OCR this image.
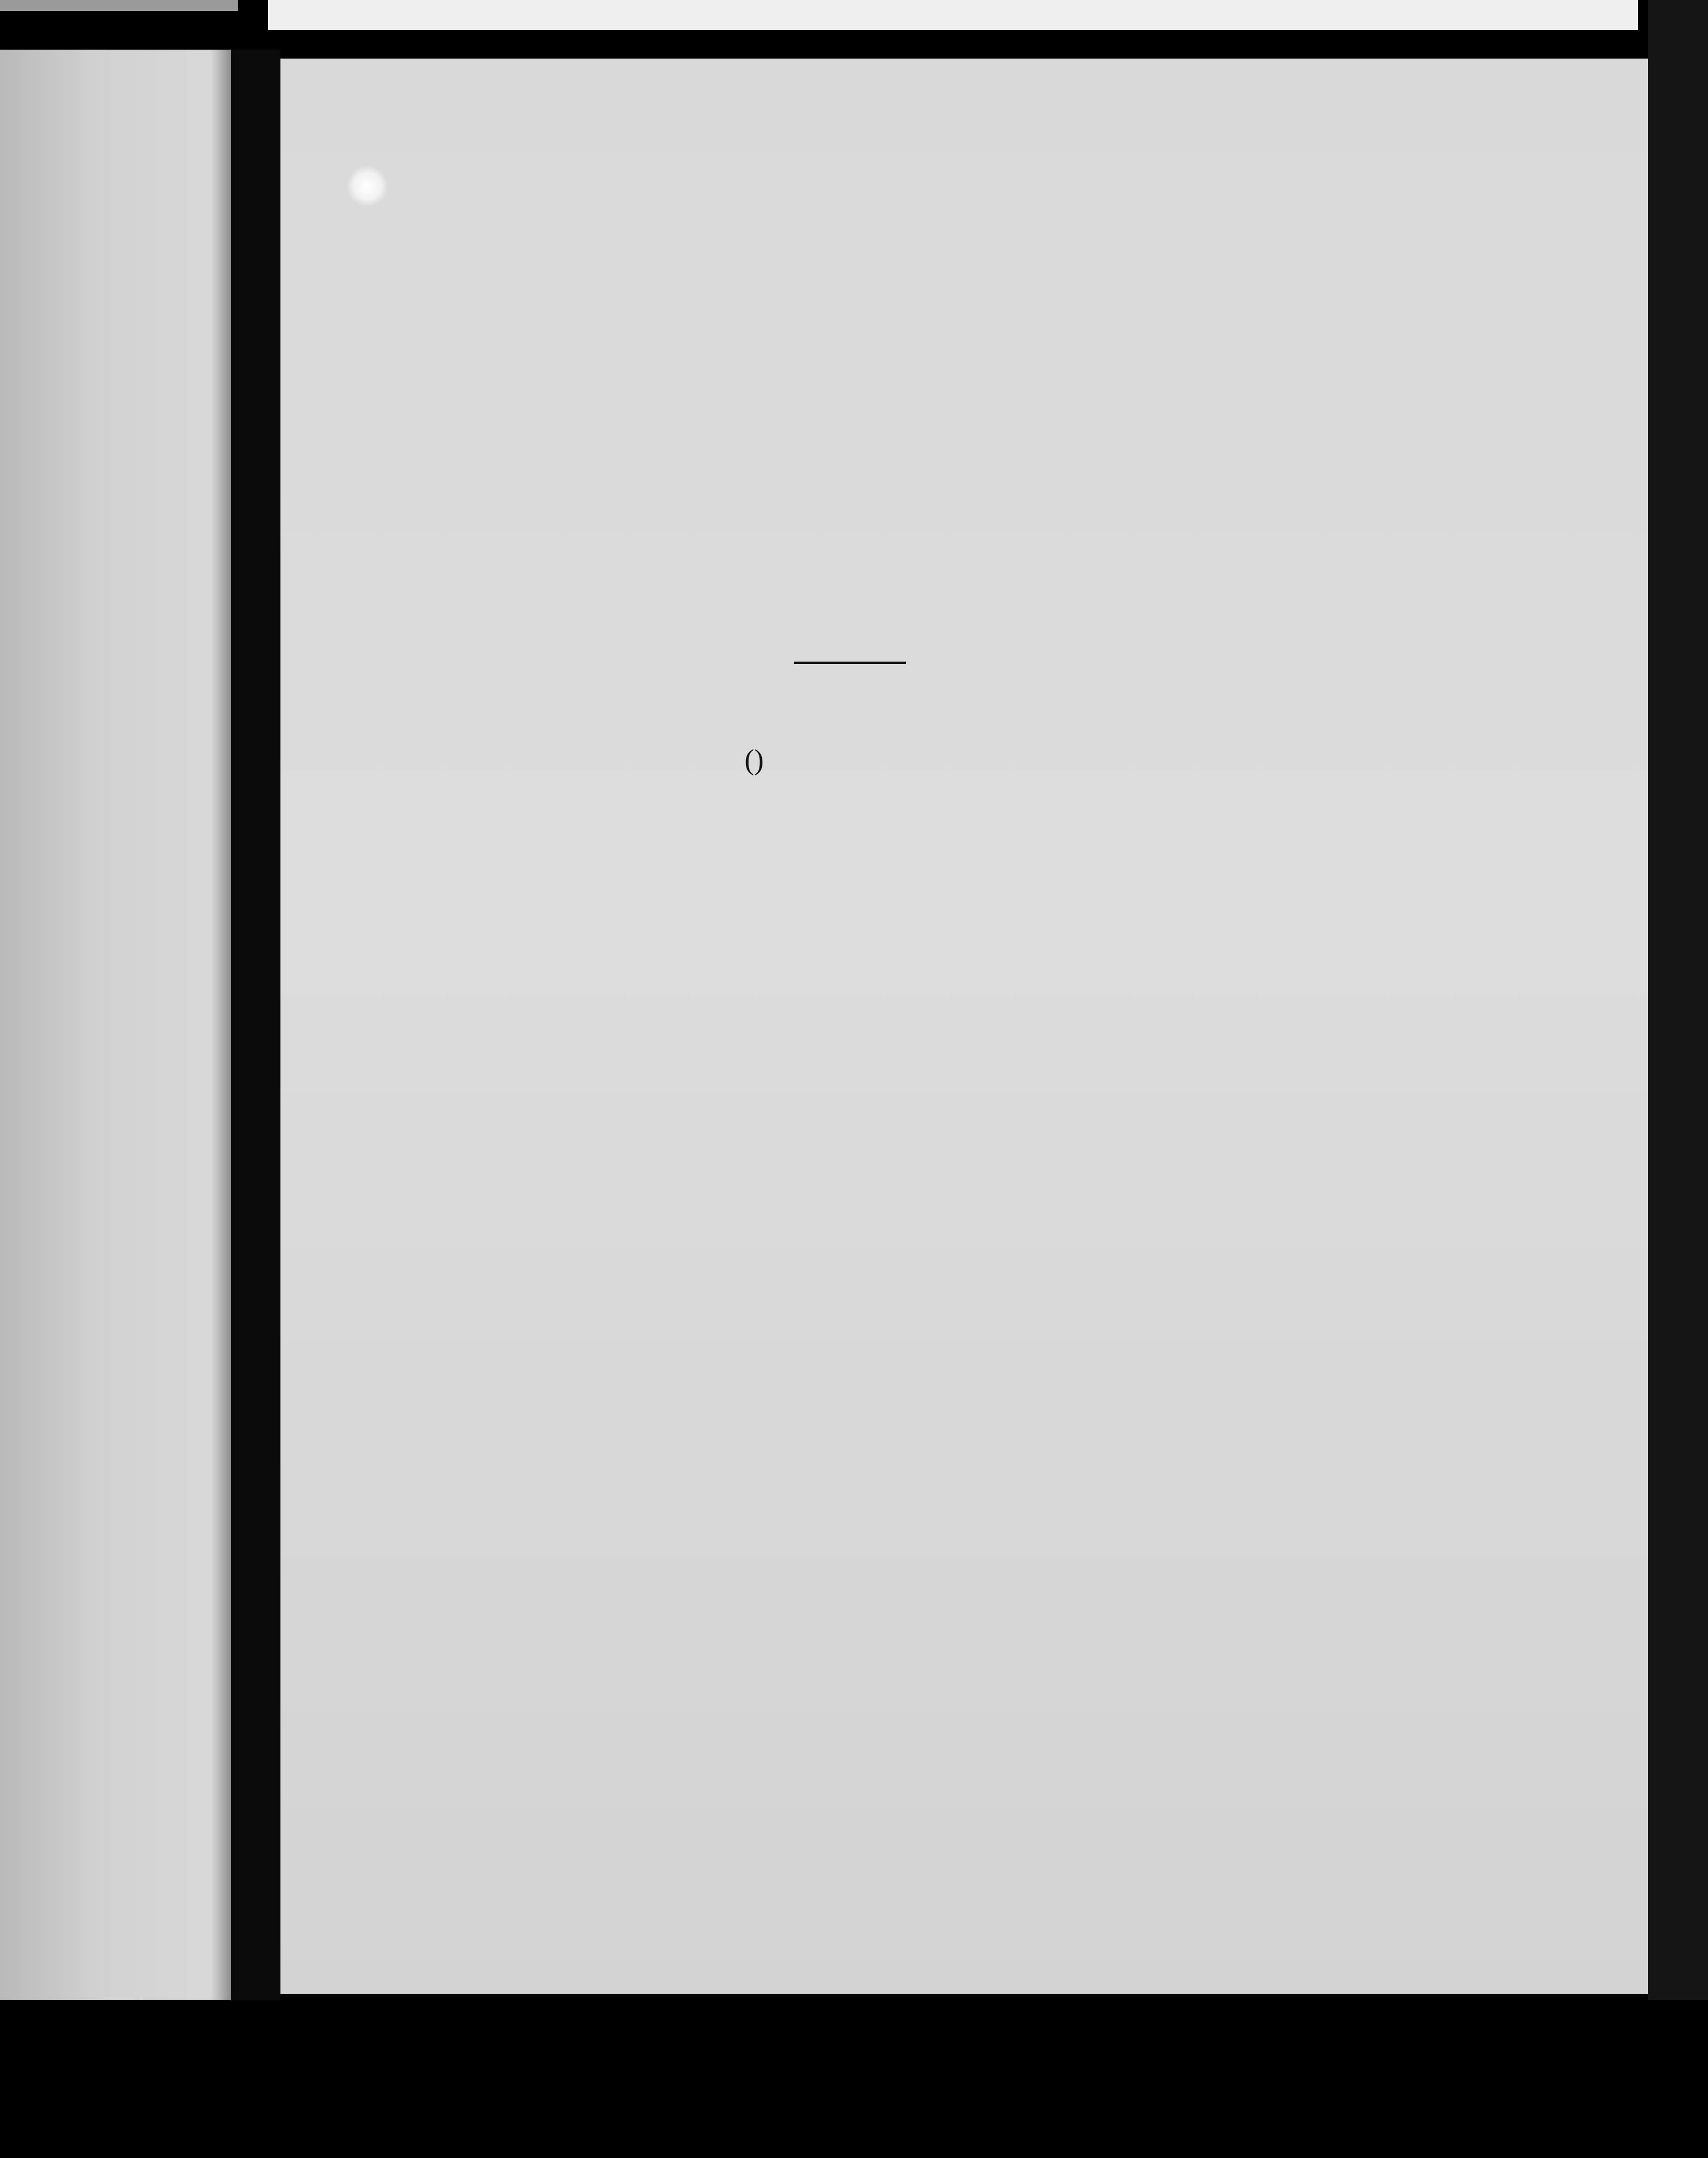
()
